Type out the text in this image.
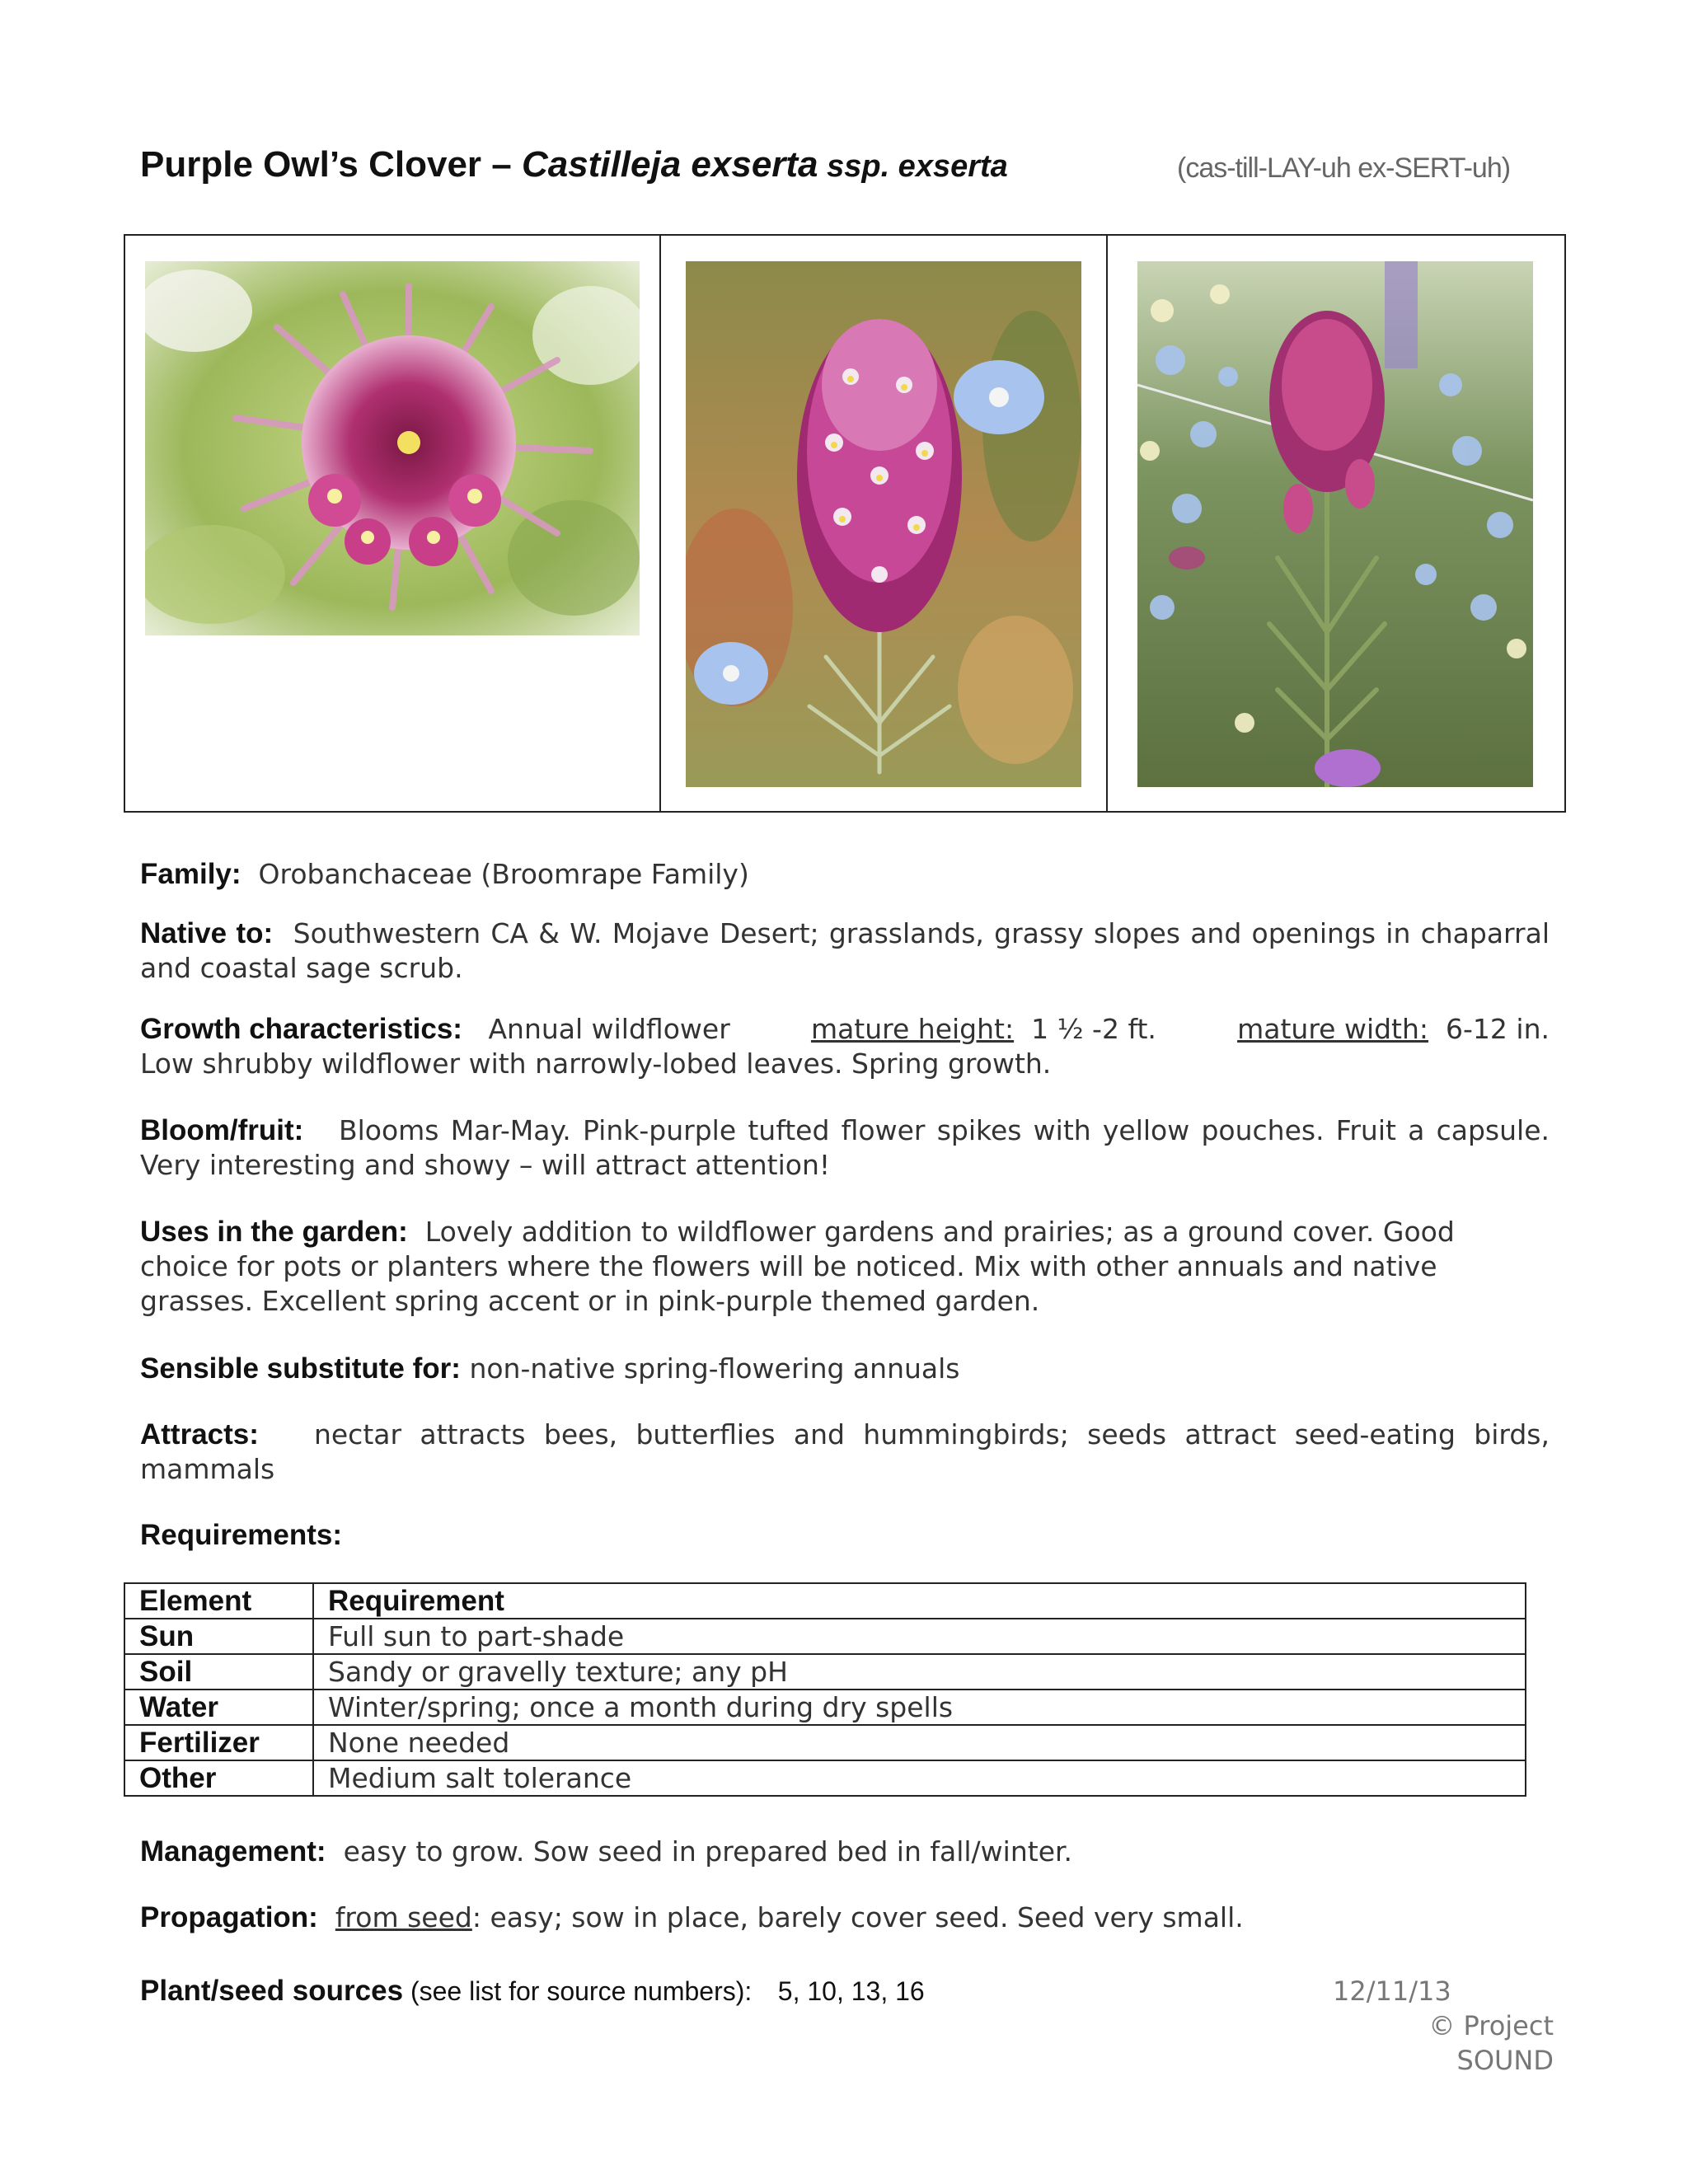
Purple Owl’s Clover – Castilleja exserta ssp. exserta	(cas-till-LAY-uh ex-SERT-uh)
Family: Orobanchaceae (Broomrape Family)
Native to: Southwestern CA & W. Mojave Desert; grasslands, grassy slopes and openings in chaparral and coastal sage scrub.
Growth characteristics: Annual wildflower	mature height: 1 ½ -2 ft.	mature width: 6-12 in.
Low shrubby wildflower with narrowly-lobed leaves. Spring growth.
Bloom/fruit: Blooms Mar-May. Pink-purple tufted flower spikes with yellow pouches. Fruit a capsule. Very interesting and showy – will attract attention!
Uses in the garden: Lovely addition to wildflower gardens and prairies; as a ground cover. Good choice for pots or planters where the flowers will be noticed. Mix with other annuals and native grasses. Excellent spring accent or in pink-purple themed garden.
Sensible substitute for: non-native spring-flowering annuals
Attracts: nectar attracts bees, butterflies and hummingbirds; seeds attract seed-eating birds, mammals
Requirements:
Element	Requirement
Sun	Full sun to part-shade
Soil	Sandy or gravelly texture; any pH
Water	Winter/spring; once a month during dry spells
Fertilizer	None needed
Other	Medium salt tolerance
Management: easy to grow. Sow seed in prepared bed in fall/winter.
Propagation: from seed: easy; sow in place, barely cover seed. Seed very small.
Plant/seed sources (see list for source numbers): 5, 10, 13, 16	12/11/13
© Project SOUND
